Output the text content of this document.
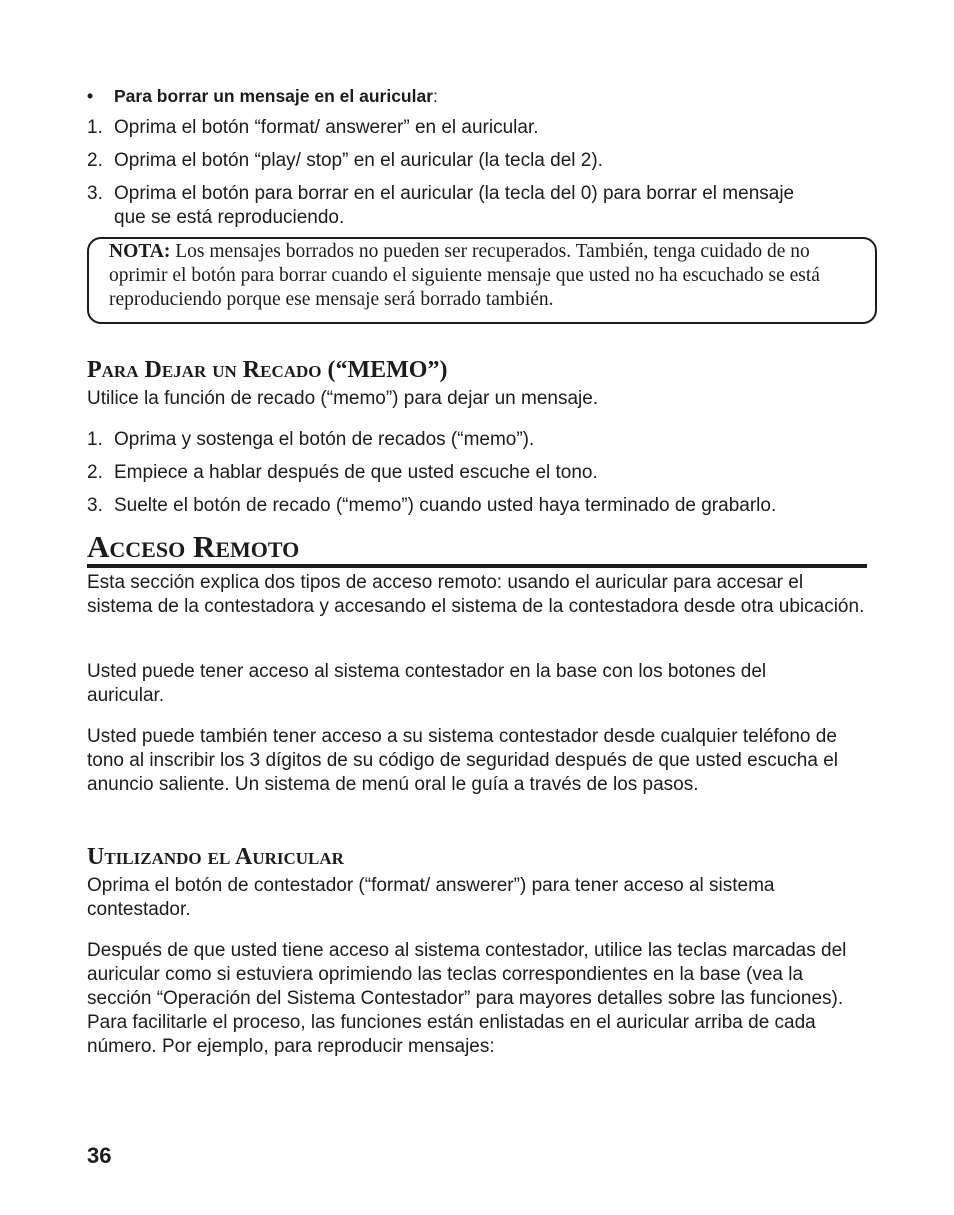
• Para borrar un mensaje en el auricular:
1. Oprima el botón “format/ answerer” en el auricular.
2. Oprima el botón “play/ stop” en el auricular (la tecla del 2).
3. Oprima el botón para borrar en el auricular (la tecla del 0) para borrar el mensaje que se está reproduciendo.
NOTA: Los mensajes borrados no pueden ser recuperados. También, tenga cuidado de no oprimir el botón para borrar cuando el siguiente mensaje que usted no ha escuchado se está reproduciendo porque ese mensaje será borrado también.
Para Dejar un Recado (“MEMO”)

Utilice la función de recado (“memo”) para dejar un mensaje.

1. Oprima y sostenga el botón de recados (“memo”).
2. Empiece a hablar después de que usted escuche el tono.
3. Suelte el botón de recado (“memo”) cuando usted haya terminado de grabarlo.
Acceso Remoto

Esta sección explica dos tipos de acceso remoto: usando el auricular para accesar el sistema de la contestadora y accesando el sistema de la contestadora desde otra ubicación.

Usted puede tener acceso al sistema contestador en la base con los botones del auricular.

Usted puede también tener acceso a su sistema contestador desde cualquier teléfono de tono al inscribir los 3 dígitos de su código de seguridad después de que usted escucha el anuncio saliente. Un sistema de menú oral le guía a través de los pasos.

Utilizando el Auricular

Oprima el botón de contestador (“format/ answerer”) para tener acceso al sistema contestador.

Después de que usted tiene acceso al sistema contestador, utilice las teclas marcadas del auricular como si estuviera oprimiendo las teclas correspondientes en la base (vea la sección “Operación del Sistema Contestador” para mayores detalles sobre las funciones). Para facilitarle el proceso, las funciones están enlistadas en el auricular arriba de cada número. Por ejemplo, para reproducir mensajes:

36
